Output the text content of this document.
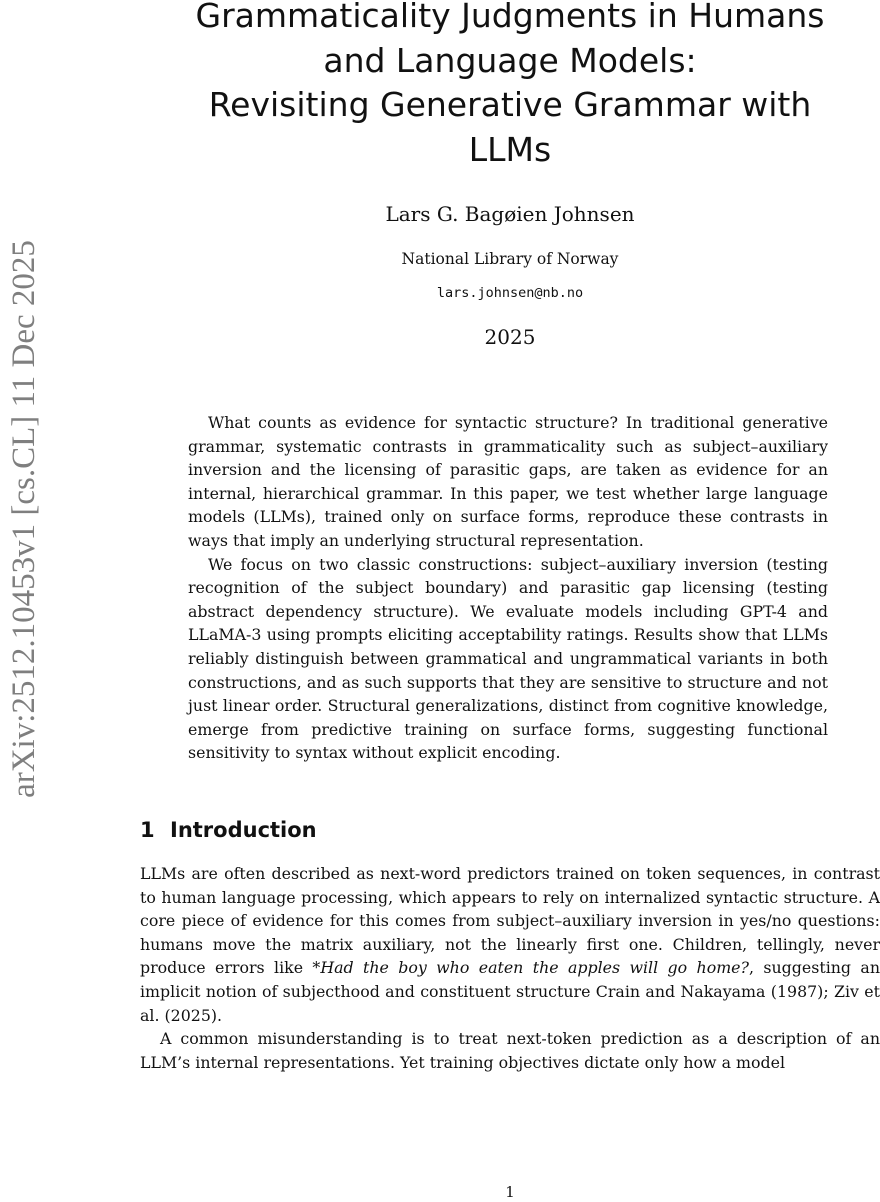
arXiv:2512.10453v1 [cs.CL] 11 Dec 2025
Grammaticality Judgments in Humans
and Language Models:
Revisiting Generative Grammar with
LLMs
Lars G. Bagøien Johnsen
National Library of Norway
lars.johnsen@nb.no
2025

What counts as evidence for syntactic structure? In traditional generative grammar, systematic contrasts in grammaticality such as subject–auxiliary inversion and the licensing of parasitic gaps, are taken as evidence for an internal, hierarchical grammar. In this paper, we test whether large language models (LLMs), trained only on surface forms, reproduce these contrasts in ways that imply an underlying structural representation.

We focus on two classic constructions: subject–auxiliary inversion (testing recognition of the subject boundary) and parasitic gap licensing (testing abstract dependency structure). We evaluate models including GPT-4 and LLaMA-3 using prompts eliciting acceptability ratings. Results show that LLMs reliably distinguish between grammatical and ungrammatical variants in both constructions, and as such supports that they are sensitive to structure and not just linear order. Structural generalizations, distinct from cognitive knowledge, emerge from predictive training on surface forms, suggesting functional sensitivity to syntax without explicit encoding.

1 Introduction

LLMs are often described as next-word predictors trained on token sequences, in contrast to human language processing, which appears to rely on internalized syntactic structure. A core piece of evidence for this comes from subject–auxiliary inversion in yes/no questions: humans move the matrix auxiliary, not the linearly first one. Children, tellingly, never produce errors like *Had the boy who eaten the apples will go home?, suggesting an implicit notion of subjecthood and constituent structure Crain and Nakayama (1987); Ziv et al. (2025).

A common misunderstanding is to treat next-token prediction as a description of an LLM’s internal representations. Yet training objectives dictate only how a model

1
